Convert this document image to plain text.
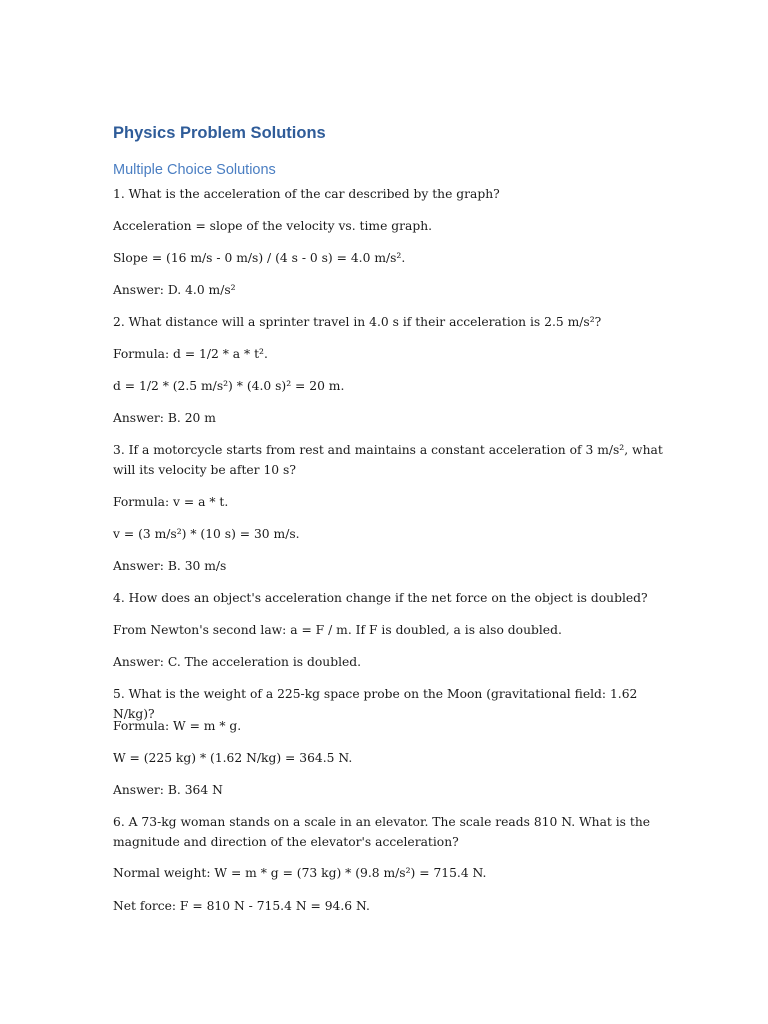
Physics Problem Solutions
Multiple Choice Solutions

1. What is the acceleration of the car described by the graph?

Acceleration = slope of the velocity vs. time graph.

Slope = (16 m/s - 0 m/s) / (4 s - 0 s) = 4.0 m/s².

Answer: D. 4.0 m/s²

2. What distance will a sprinter travel in 4.0 s if their acceleration is 2.5 m/s²?

Formula: d = 1/2 * a * t².

d = 1/2 * (2.5 m/s²) * (4.0 s)² = 20 m.

Answer: B. 20 m

3. If a motorcycle starts from rest and maintains a constant acceleration of 3 m/s², what will its velocity be after 10 s?

Formula: v = a * t.

v = (3 m/s²) * (10 s) = 30 m/s.

Answer: B. 30 m/s

4. How does an object's acceleration change if the net force on the object is doubled?

From Newton's second law: a = F / m. If F is doubled, a is also doubled.

Answer: C. The acceleration is doubled.

5. What is the weight of a 225-kg space probe on the Moon (gravitational field: 1.62 N/kg)?

Formula: W = m * g.

W = (225 kg) * (1.62 N/kg) = 364.5 N.

Answer: B. 364 N

6. A 73-kg woman stands on a scale in an elevator. The scale reads 810 N. What is the magnitude and direction of the elevator's acceleration?

Normal weight: W = m * g = (73 kg) * (9.8 m/s²) = 715.4 N.

Net force: F = 810 N - 715.4 N = 94.6 N.
